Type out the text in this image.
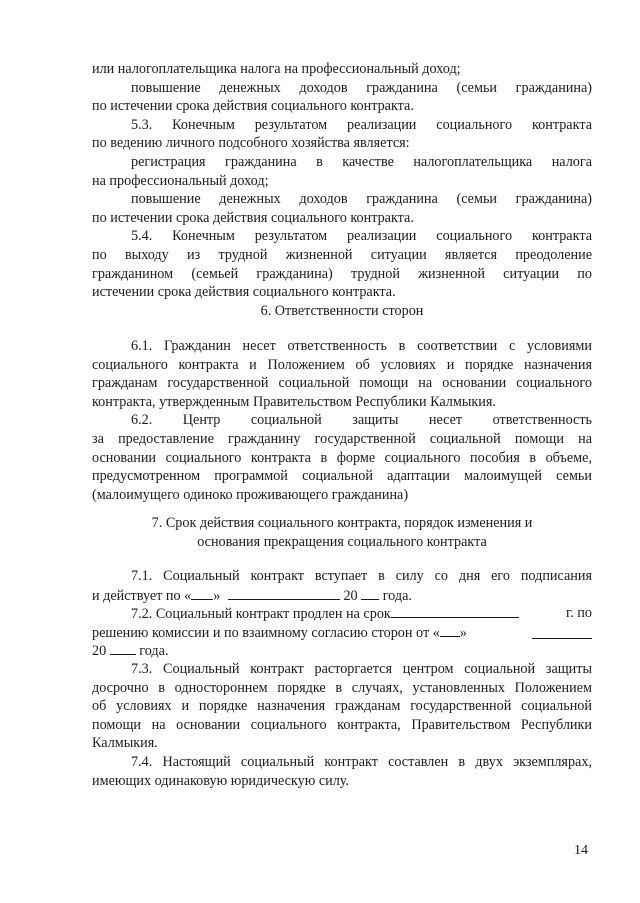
или налогоплательщика налога на профессиональный доход;
повышение денежных доходов гражданина (семьи гражданина)
по истечении срока действия социального контракта.
5.3. Конечным результатом реализации социального контракта
по ведению личного подсобного хозяйства является:
регистрация гражданина в качестве налогоплательщика налога
на профессиональный доход;
повышение денежных доходов гражданина (семьи гражданина)
по истечении срока действия социального контракта.
5.4. Конечным результатом реализации социального контракта
по выходу из трудной жизненной ситуации является преодоление
гражданином (семьей гражданина) трудной жизненной ситуации по
истечении срока действия социального контракта.
6. Ответственности сторон
6.1. Гражданин несет ответственность в соответствии с условиями
социального контракта и Положением об условиях и порядке назначения
гражданам государственной социальной помощи на основании социального
контракта, утвержденным Правительством Республики Калмыкия.
6.2. Центр социальной защиты несет ответственность
за предоставление гражданину государственной социальной помощи на
основании социального контракта в форме социального пособия в объеме,
предусмотренном программой социальной адаптации малоимущей семьи
(малоимущего одиноко проживающего гражданина)
7. Срок действия социального контракта, порядок изменения и
основания прекращения социального контракта
7.1. Социальный контракт вступает в силу со дня его подписания
и действует по « »	20 года.
7.2. Социальный контракт продлен на срок	г. по
решению комиссии и по взаимному согласию сторон от « »
20 года.
7.3. Социальный контракт расторгается центром социальной защиты
досрочно в одностороннем порядке в случаях, установленных Положением
об условиях и порядке назначения гражданам государственной социальной
помощи на основании социального контракта, Правительством Республики
Калмыкия.
7.4. Настоящий социальный контракт составлен в двух экземплярах,
имеющих одинаковую юридическую силу.
14
